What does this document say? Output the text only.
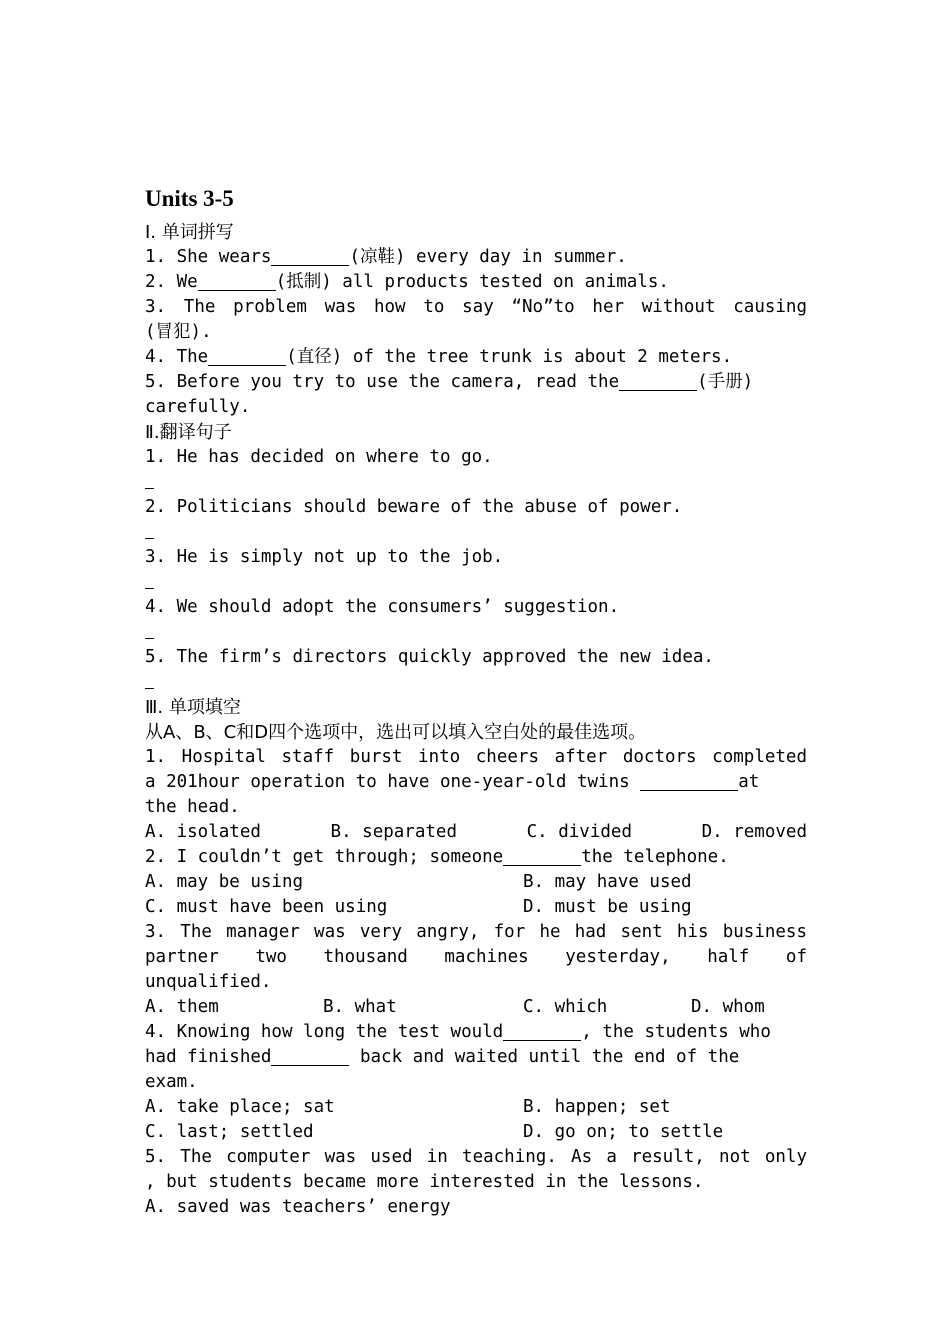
Units 3-5

Ⅰ. 单词拼写

1. She wears	(凉鞋) every day in summer.

2. We	(抵制) all products tested on animals.

3. The problem was how to say “No”to her without causing

(冒犯).

4. The	(直径) of the tree trunk is about 2 meters.

5. Before you try to use the camera, read the	(手册)

carefully.

Ⅱ.翻译句子

1. He has decided on where to go.

2. Politicians should beware of the abuse of power.

3. He is simply not up to the job.

4. We should adopt the consumers’ suggestion.

5. The firm’s directors quickly approved the new idea.

Ⅲ. 单项填空

从A、B、C和D四个选项中，选出可以填入空白处的最佳选项。

1. Hospital staff burst into cheers after doctors completed

a 201hour operation to have one-year-old twins	at

the head.

A. isolated	B. separated	C. divided	D. removed

2. I couldn’t get through; someone	the telephone.

A. may be using	B. may have used
C. must have been using	D. must be using

3. The manager was very angry, for he had sent his business

partner two thousand machines yesterday, half of

unqualified.

A. them	B. what	C. which	D. whom

4. Knowing how long the test would	, the students who

had finished	back and waited until the end of the

exam.

A. take place; sat	B. happen; set
C. last; settled	D. go on; to settle

5. The computer was used in teaching. As a result, not only

, but students became more interested in the lessons.

A. saved was teachers’ energy
